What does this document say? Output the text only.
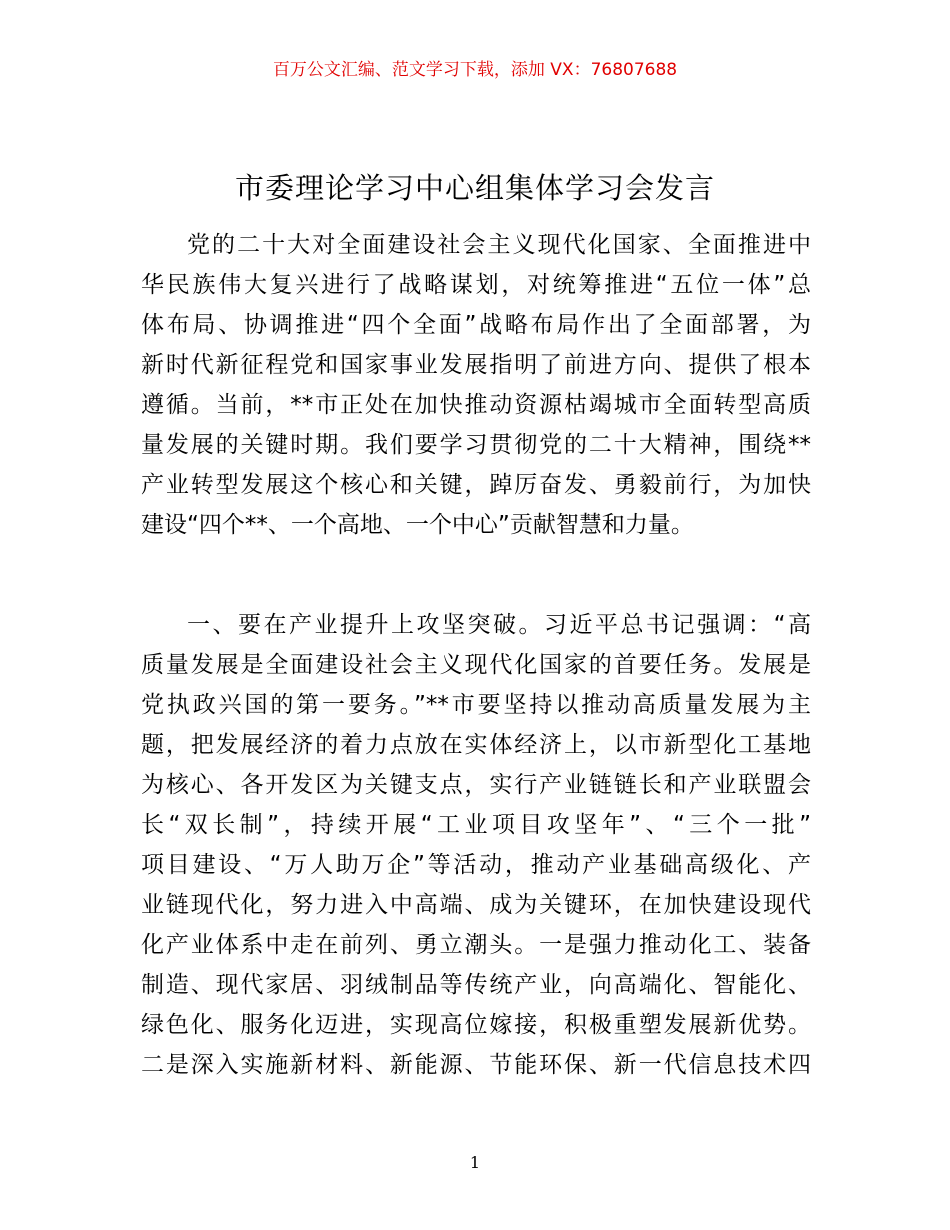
百万公文汇编、范文学习下载，添加 VX：76807688
市委理论学习中心组集体学习会发言
党的二十大对全面建设社会主义现代化国家、全面推进中
华民族伟大复兴进行了战略谋划，对统筹推进“五位一体”总
体布局、协调推进“四个全面”战略布局作出了全面部署，为
新时代新征程党和国家事业发展指明了前进方向、提供了根本
遵循。当前，**市正处在加快推动资源枯竭城市全面转型高质
量发展的关键时期。我们要学习贯彻党的二十大精神，围绕**
产业转型发展这个核心和关键，踔厉奋发、勇毅前行，为加快
建设“四个**、一个高地、一个中心”贡献智慧和力量。
一、要在产业提升上攻坚突破。习近平总书记强调：“高
质量发展是全面建设社会主义现代化国家的首要任务。发展是
党执政兴国的第一要务。”**市要坚持以推动高质量发展为主
题，把发展经济的着力点放在实体经济上，以市新型化工基地
为核心、各开发区为关键支点，实行产业链链长和产业联盟会
长“双长制”，持续开展“工业项目攻坚年”、“三个一批”
项目建设、“万人助万企”等活动，推动产业基础高级化、产
业链现代化，努力进入中高端、成为关键环，在加快建设现代
化产业体系中走在前列、勇立潮头。一是强力推动化工、装备
制造、现代家居、羽绒制品等传统产业，向高端化、智能化、
绿色化、服务化迈进，实现高位嫁接，积极重塑发展新优势。
二是深入实施新材料、新能源、节能环保、新一代信息技术四
1
